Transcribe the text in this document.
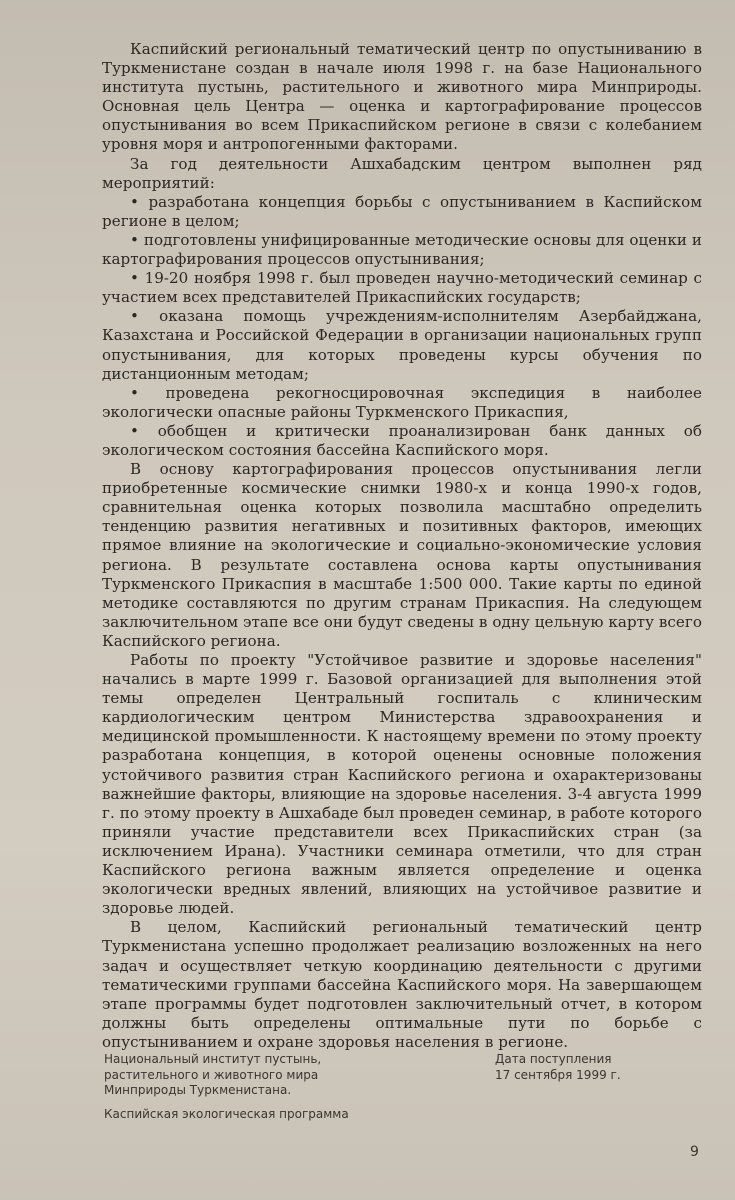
Каспийский региональный тематический центр по опустыниванию в Туркменистане создан в начале июля 1998 г. на базе Национального института пустынь, растительного и животного мира Минприроды. Основная цель Центра — оценка и картографирование процессов опустынивания во всем Прикаспийском регионе в связи с колебанием уровня моря и антропогенными факторами.

За год деятельности Ашхабадским центром выполнен ряд мероприятий:

• разработана концепция борьбы с опустыниванием в Каспийском регионе в целом;

• подготовлены унифицированные методические основы для оценки и картографирования процессов опустынивания;

• 19-20 ноября 1998 г. был проведен научно-методический семинар с участием всех представителей Прикаспийских государств;

• оказана помощь учреждениям-исполнителям Азербайджана, Казахстана и Российской Федерации в организации национальных групп опустынивания, для которых проведены курсы обучения по дистанционным методам;

• проведена рекогносцировочная экспедиция в наиболее экологически опасные районы Туркменского Прикаспия,

• обобщен и критически проанализирован банк данных об экологическом состояния бассейна Каспийского моря.

В основу картографирования процессов опустынивания легли приобретенные космические снимки 1980-х и конца 1990-х годов, сравнительная оценка которых позволила масштабно определить тенденцию развития негативных и позитивных факторов, имеющих прямое влияние на экологические и социально-экономические условия региона. В результате составлена основа карты опустынивания Туркменского Прикаспия в масштабе 1:500 000. Такие карты по единой методике составляются по другим странам Прикаспия. На следующем заключительном этапе все они будут сведены в одну цельную карту всего Каспийского региона.

Работы по проекту "Устойчивое развитие и здоровье населения" начались в марте 1999 г. Базовой организацией для выполнения этой темы определен Центральный госпиталь с клиническим кардиологическим центром Министерства здравоохранения и медицинской промышленности. К настоящему времени по этому проекту разработана концепция, в которой оценены основные положения устойчивого развития стран Каспийского региона и охарактеризованы важнейшие факторы, влияющие на здоровье населения. 3-4 августа 1999 г. по этому проекту в Ашхабаде был проведен семинар, в работе которого приняли участие представители всех Прикаспийских стран (за исключением Ирана). Участники семинара отметили, что для стран Каспийского региона важным является определение и оценка экологически вредных явлений, влияющих на устойчивое развитие и здоровье людей.

В целом, Каспийский региональный тематический центр Туркменистана успешно продолжает реализацию возложенных на него задач и осуществляет четкую координацию деятельности с другими тематическими группами бассейна Каспийского моря. На завершающем этапе программы будет подготовлен заключительный отчет, в котором должны быть определены оптимальные пути по борьбе с опустыниванием и охране здоровья населения в регионе.

Национальный институт пустынь,
растительного и животного мира
Минприроды Туркменистана.
Каспийская экологическая программа
Дата поступления
17 сентября 1999 г.
9
